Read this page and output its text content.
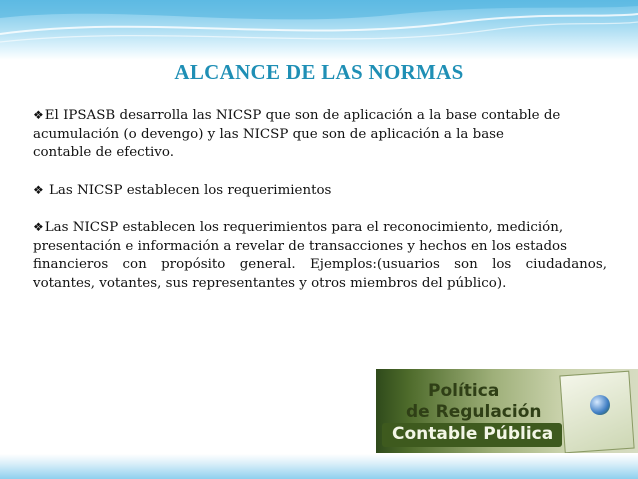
ALCANCE DE LAS NORMAS
❖El IPSASB desarrolla las NICSP que son de aplicación a la base contable de
acumulación (o devengo) y las NICSP que son de aplicación a la base
contable de efectivo.
❖ Las NICSP establecen los requerimientos
❖Las NICSP establecen los requerimientos para el reconocimiento, medición,
presentación e información a revelar de transacciones y hechos en los estados
financieros con propósito general. Ejemplos:(usuarios son los ciudadanos,
votantes, votantes, sus representantes y otros miembros del público).
Política
de Regulación
Contable Pública
